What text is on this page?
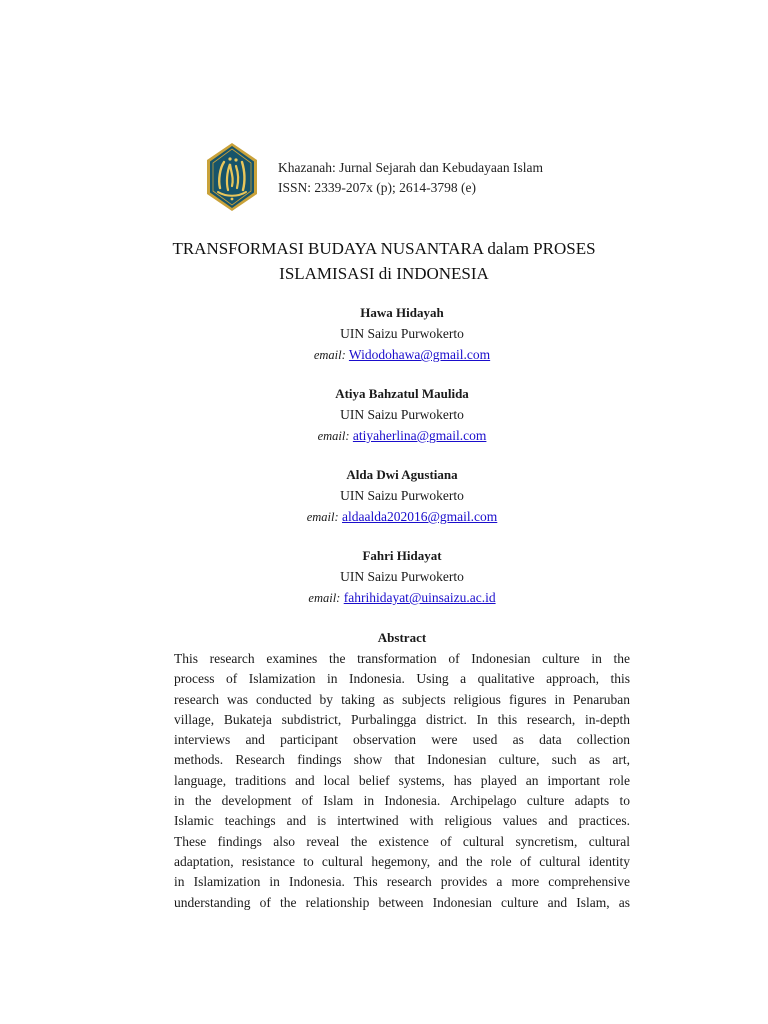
Khazanah: Jurnal Sejarah dan Kebudayaan Islam
ISSN: 2339-207x (p); 2614-3798 (e)
TRANSFORMASI BUDAYA NUSANTARA dalam PROSES
ISLAMISASI di INDONESIA
Hawa Hidayah
UIN Saizu Purwokerto
email: Widodohawa@gmail.com
Atiya Bahzatul Maulida
UIN Saizu Purwokerto
email: atiyaherlina@gmail.com
Alda Dwi Agustiana
UIN Saizu Purwokerto
email: aldaalda202016@gmail.com
Fahri Hidayat
UIN Saizu Purwokerto
email: fahrihidayat@uinsaizu.ac.id
Abstract
This research examines the transformation of Indonesian culture in the
process of Islamization in Indonesia. Using a qualitative approach, this
research was conducted by taking as subjects religious figures in Penaruban
village, Bukateja subdistrict, Purbalingga district. In this research, in-depth
interviews and participant observation were used as data collection
methods. Research findings show that Indonesian culture, such as art,
language, traditions and local belief systems, has played an important role
in the development of Islam in Indonesia. Archipelago culture adapts to
Islamic teachings and is intertwined with religious values and practices.
These findings also reveal the existence of cultural syncretism, cultural
adaptation, resistance to cultural hegemony, and the role of cultural identity
in Islamization in Indonesia. This research provides a more comprehensive
understanding of the relationship between Indonesian culture and Islam, as
